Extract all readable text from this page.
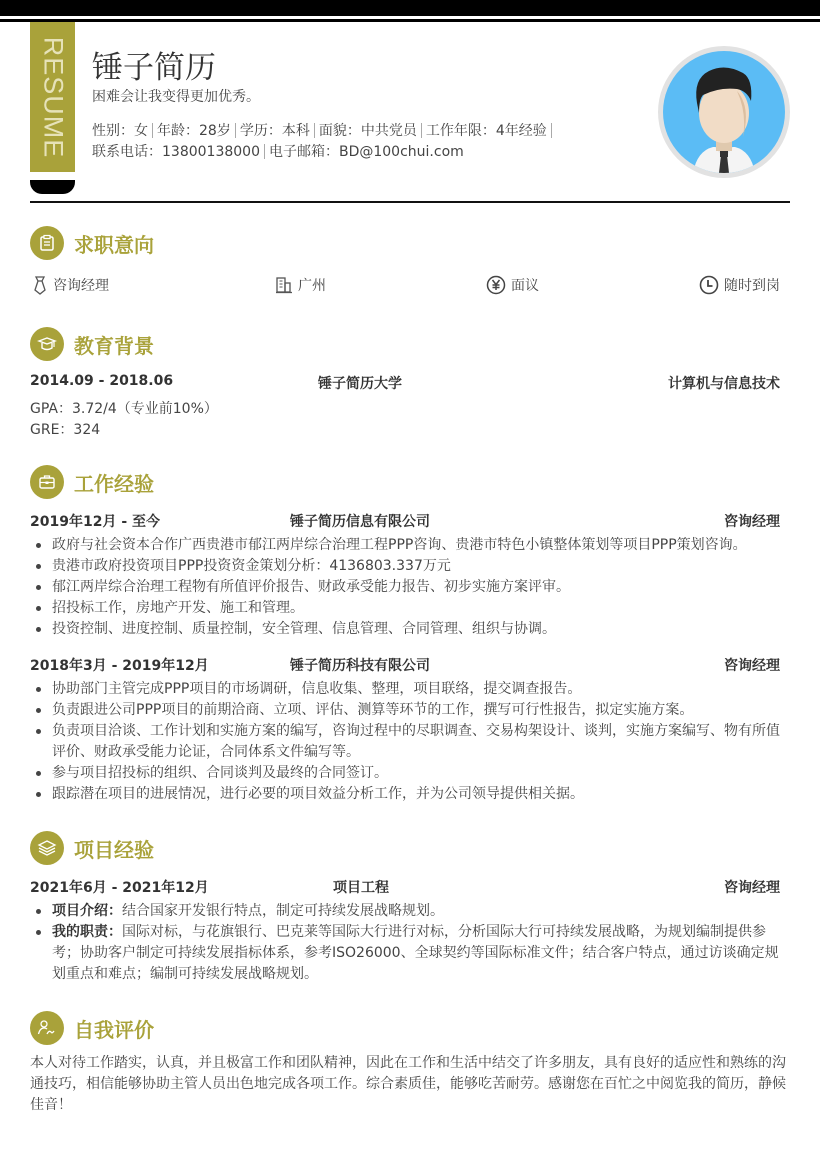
RESUME 锤子简历
困难会让我变得更加优秀。
性别：女 年龄：28岁 学历：本科 面貌：中共党员 工作年限：4年经验
联系电话：13800138000 电子邮箱：BD@100chui.com
求职意向
咨询经理	广州	面议	随时到岗
教育背景
2014.09 - 2018.06	锤子简历大学	计算机与信息技术
GPA：3.72/4（专业前10%）
GRE：324
工作经验
2019年12月 - 至今	锤子简历信息有限公司	咨询经理
政府与社会资本合作广西贵港市郁江两岸综合治理工程PPP咨询、贵港市特色小镇整体策划等项目PPP策划咨询。
贵港市政府投资项目PPP投资资金策划分析：4136803.337万元
郁江两岸综合治理工程物有所值评价报告、财政承受能力报告、初步实施方案评审。
招投标工作，房地产开发、施工和管理。
投资控制、进度控制、质量控制，安全管理、信息管理、合同管理、组织与协调。
2018年3月 - 2019年12月	锤子简历科技有限公司	咨询经理
协助部门主管完成PPP项目的市场调研，信息收集、整理，项目联络，提交调查报告。
负责跟进公司PPP项目的前期洽商、立项、评估、测算等环节的工作，撰写可行性报告，拟定实施方案。
负责项目洽谈、工作计划和实施方案的编写，咨询过程中的尽职调查、交易构架设计、谈判，实施方案编写、物有所值评价、财政承受能力论证，合同体系文件编写等。
参与项目招投标的组织、合同谈判及最终的合同签订。
跟踪潜在项目的进展情况，进行必要的项目效益分析工作，并为公司领导提供相关据。
项目经验
2021年6月 - 2021年12月	项目工程	咨询经理
项目介绍：结合国家开发银行特点，制定可持续发展战略规划。
我的职责：国际对标，与花旗银行、巴克莱等国际大行进行对标，分析国际大行可持续发展战略，为规划编制提供参考；协助客户制定可持续发展指标体系，参考ISO26000、全球契约等国际标准文件；结合客户特点，通过访谈确定规划重点和难点；编制可持续发展战略规划。
自我评价
本人对待工作踏实，认真，并且极富工作和团队精神，因此在工作和生活中结交了许多朋友，具有良好的适应性和熟练的沟通技巧，相信能够协助主管人员出色地完成各项工作。综合素质佳，能够吃苦耐劳。感谢您在百忙之中阅览我的简历，静候佳音！
